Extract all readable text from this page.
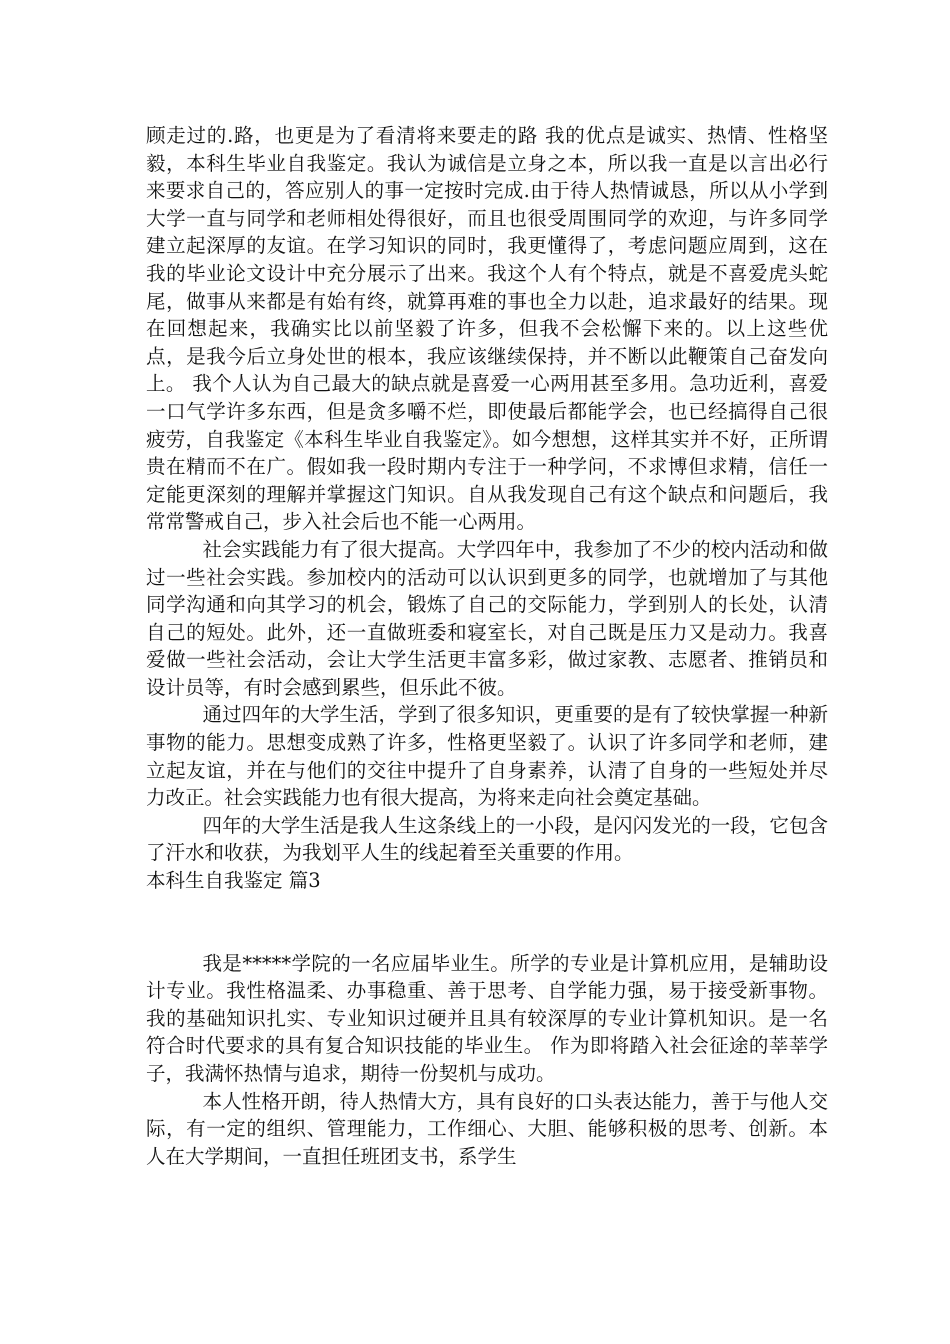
顾走过的.路，也更是为了看清将来要走的路 我的优点是诚实、热情、性格坚毅，本科生毕业自我鉴定。我认为诚信是立身之本，所以我一直是以言出必行来要求自己的，答应别人的事一定按时完成.由于待人热情诚恳，所以从小学到大学一直与同学和老师相处得很好，而且也很受周围同学的欢迎，与许多同学建立起深厚的友谊。在学习知识的同时，我更懂得了，考虑问题应周到，这在我的毕业论文设计中充分展示了出来。我这个人有个特点，就是不喜爱虎头蛇尾，做事从来都是有始有终，就算再难的事也全力以赴，追求最好的结果。现在回想起来，我确实比以前坚毅了许多，但我不会松懈下来的。以上这些优点，是我今后立身处世的根本，我应该继续保持，并不断以此鞭策自己奋发向上。 我个人认为自己最大的缺点就是喜爱一心两用甚至多用。急功近利，喜爱一口气学许多东西，但是贪多嚼不烂，即使最后都能学会，也已经搞得自己很疲劳，自我鉴定《本科生毕业自我鉴定》。如今想想，这样其实并不好，正所谓贵在精而不在广。假如我一段时期内专注于一种学问，不求博但求精，信任一定能更深刻的理解并掌握这门知识。自从我发现自己有这个缺点和问题后，我常常警戒自己，步入社会后也不能一心两用。

社会实践能力有了很大提高。大学四年中，我参加了不少的校内活动和做过一些社会实践。参加校内的活动可以认识到更多的同学，也就增加了与其他同学沟通和向其学习的机会，锻炼了自己的交际能力，学到别人的长处，认清自己的短处。此外，还一直做班委和寝室长，对自己既是压力又是动力。我喜爱做一些社会活动，会让大学生活更丰富多彩，做过家教、志愿者、推销员和设计员等，有时会感到累些，但乐此不彼。

通过四年的大学生活，学到了很多知识，更重要的是有了较快掌握一种新事物的能力。思想变成熟了许多，性格更坚毅了。认识了许多同学和老师，建立起友谊，并在与他们的交往中提升了自身素养，认清了自身的一些短处并尽力改正。社会实践能力也有很大提高，为将来走向社会奠定基础。

四年的大学生活是我人生这条线上的一小段，是闪闪发光的一段，它包含了汗水和收获，为我划平人生的线起着至关重要的作用。

本科生自我鉴定 篇3

我是*****学院的一名应届毕业生。所学的专业是计算机应用，是辅助设计专业。我性格温柔、办事稳重、善于思考、自学能力强，易于接受新事物。我的基础知识扎实、专业知识过硬并且具有较深厚的专业计算机知识。是一名符合时代要求的具有复合知识技能的毕业生。 作为即将踏入社会征途的莘莘学子，我满怀热情与追求，期待一份契机与成功。

本人性格开朗，待人热情大方，具有良好的口头表达能力，善于与他人交际，有一定的组织、管理能力，工作细心、大胆、能够积极的思考、创新。本人在大学期间，一直担任班团支书，系学生
